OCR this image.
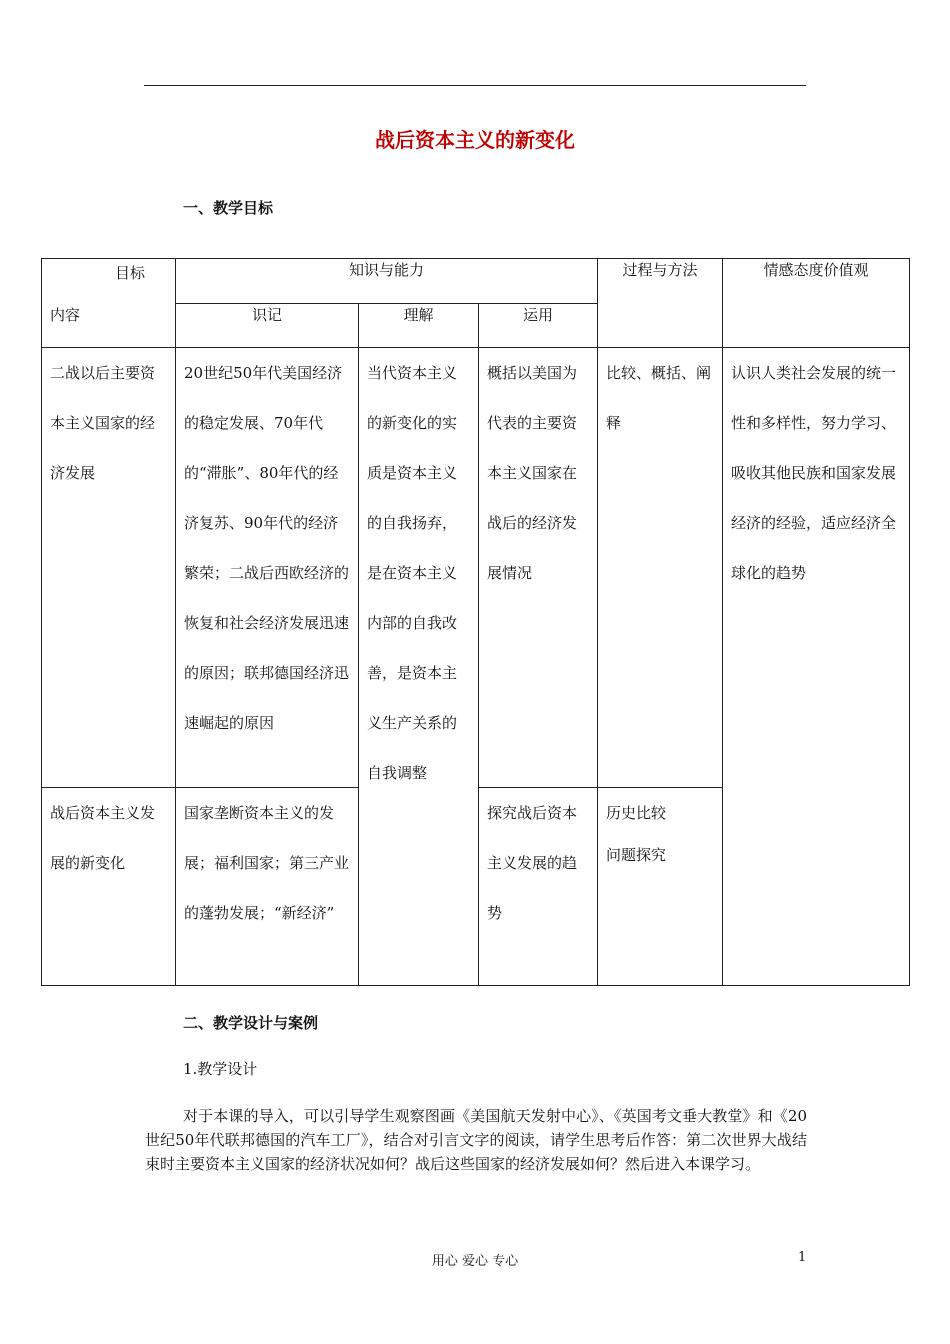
战后资本主义的新变化
一、教学目标
目标
内容	知识与能力			过程与方法	情感态度价值观
	识记	理解	运用		
二战以后主要资本主义国家的经济发展	20世纪50年代美国经济的稳定发展、70年代的“滞胀”、80年代的经济复苏、90年代的经济繁荣；二战后西欧经济的恢复和社会经济发展迅速的原因；联邦德国经济迅速崛起的原因	当代资本主义的新变化的实质是资本主义的自我扬弃，是在资本主义内部的自我改善，是资本主义生产关系的自我调整	概括以美国为代表的主要资本主义国家在战后的经济发展情况	比较、概括、阐释	认识人类社会发展的统一性和多样性，努力学习、吸收其他民族和国家发展经济的经验，适应经济全球化的趋势
战后资本主义发展的新变化	国家垄断资本主义的发展；福利国家；第三产业的蓬勃发展；“新经济”		探究战后资本主义发展的趋势	历史比较
问题探究	
二、教学设计与案例
1.教学设计
对于本课的导入，可以引导学生观察图画《美国航天发射中心》、《英国考文垂大教堂》和《20世纪50年代联邦德国的汽车工厂》，结合对引言文字的阅读，请学生思考后作答：第二次世界大战结束时主要资本主义国家的经济状况如何？战后这些国家的经济发展如何？然后进入本课学习。
用心 爱心 专心	1
